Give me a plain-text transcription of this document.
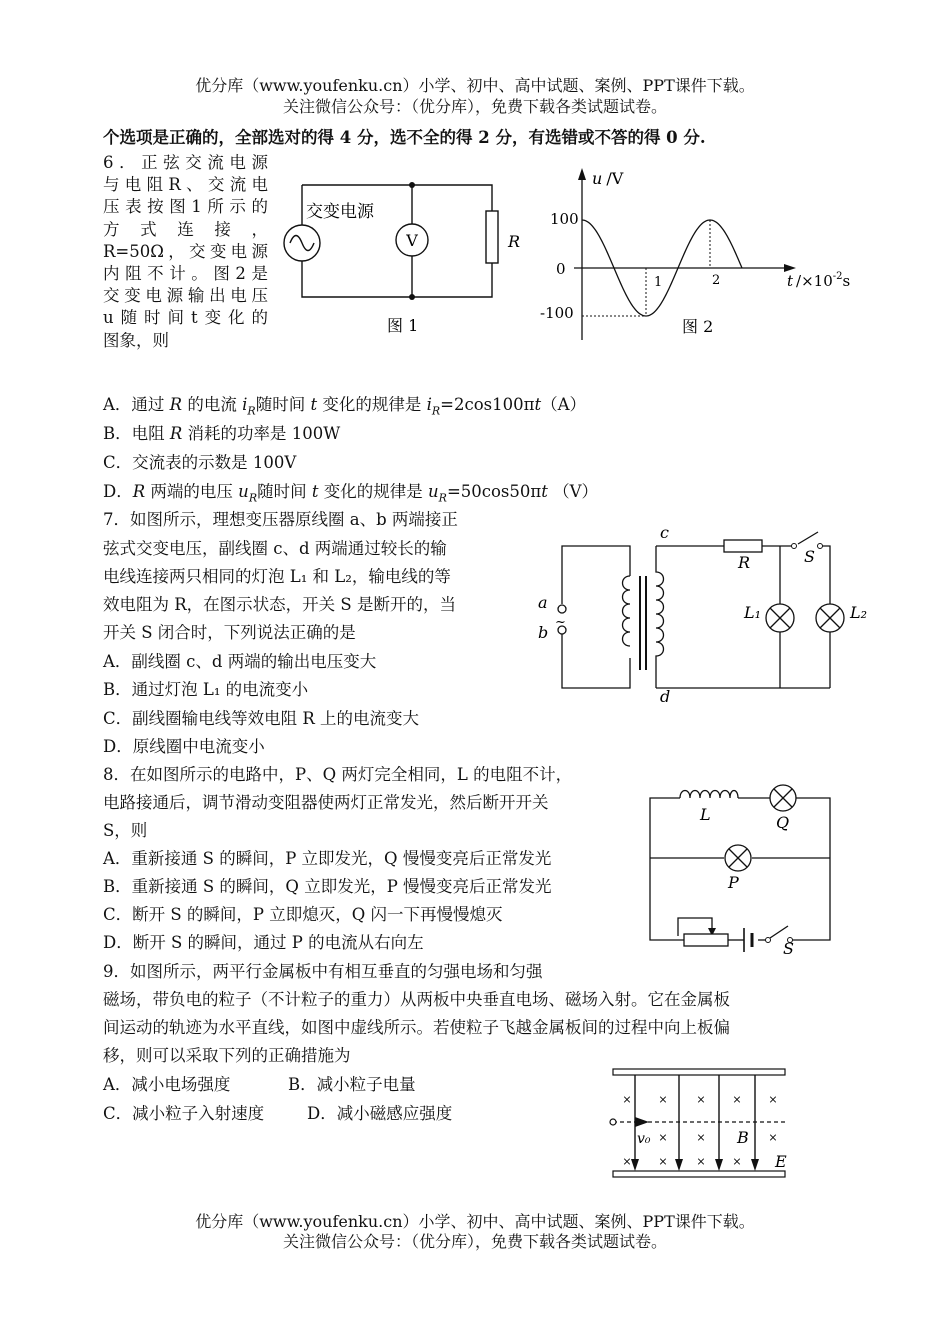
优分库（www.youfenku.cn）小学、初中、高中试题、案例、PPT课件下载。
关注微信公众号：（优分库），免费下载各类试题试卷。
个选项是正确的，全部选对的得 4 分，选不全的得 2 分，有选错或不答的得 0 分.
6．正弦交流电源
与电阻R、交流电
压表按图1所示的
方式连接，
R=50Ω，交变电源
内阻不计。图2是
交变电源输出电压
u随时间t变化的
图象，则
V	R
交变电源
图 1
u /V
t $/\times 10^{-2}s$
100
0
-100
1	2
图 2
A．通过 R 的电流 $i_R$随时间 t 变化的规律是 $i_R=2\cos 100\pi t(A)$
B．电阻 R 消耗的功率是 100W
C．交流表的示数是 100V
D．R 两端的电压 $u_R$随时间 t 变化的规律是 $u_R=50\cos 50\pi t$ （V）
7．如图所示，理想变压器原线圈 a、b 两端接正
弦式交变电压，副线圈 c、d 两端通过较长的输
电线连接两只相同的灯泡 L₁ 和 L₂，输电线的等
效电阻为 R，在图示状态，开关 S 是断开的，当
开关 S 闭合时，下列说法正确的是
A．副线圈 c、d 两端的输出电压变大
B．通过灯泡 L₁ 的电流变小
C．副线圈输电线等效电阻 R 上的电流变大
D．原线圈中电流变小
a
b
~
c
d
R	S
L₁	L₂
8．在如图所示的电路中，P、Q 两灯完全相同，L 的电阻不计，
电路接通后，调节滑动变阻器使两灯正常发光，然后断开开关
S，则
A．重新接通 S 的瞬间，P 立即发光，Q 慢慢变亮后正常发光
B．重新接通 S 的瞬间，Q 立即发光，P 慢慢变亮后正常发光
C．断开 S 的瞬间，P 立即熄灭，Q 闪一下再慢慢熄灭
D．断开 S 的瞬间，通过 P 的电流从右向左
L	Q
P
S
9．如图所示，两平行金属板中有相互垂直的匀强电场和匀强
磁场，带负电的粒子（不计粒子的重力）从两板中央垂直电场、磁场入射。它在金属板
间运动的轨迹为水平直线，如图中虚线所示。若使粒子飞越金属板间的过程中向上板偏
移，则可以采取下列的正确措施为
A．减小电场强度	B．减小粒子电量
C．减小粒子入射速度	D．减小磁感应强度
× ×	× × ×
×	×	×
× ×	× ×
v₀	B
E
优分库（www.youfenku.cn）小学、初中、高中试题、案例、PPT课件下载。
关注微信公众号：（优分库），免费下载各类试题试卷。
